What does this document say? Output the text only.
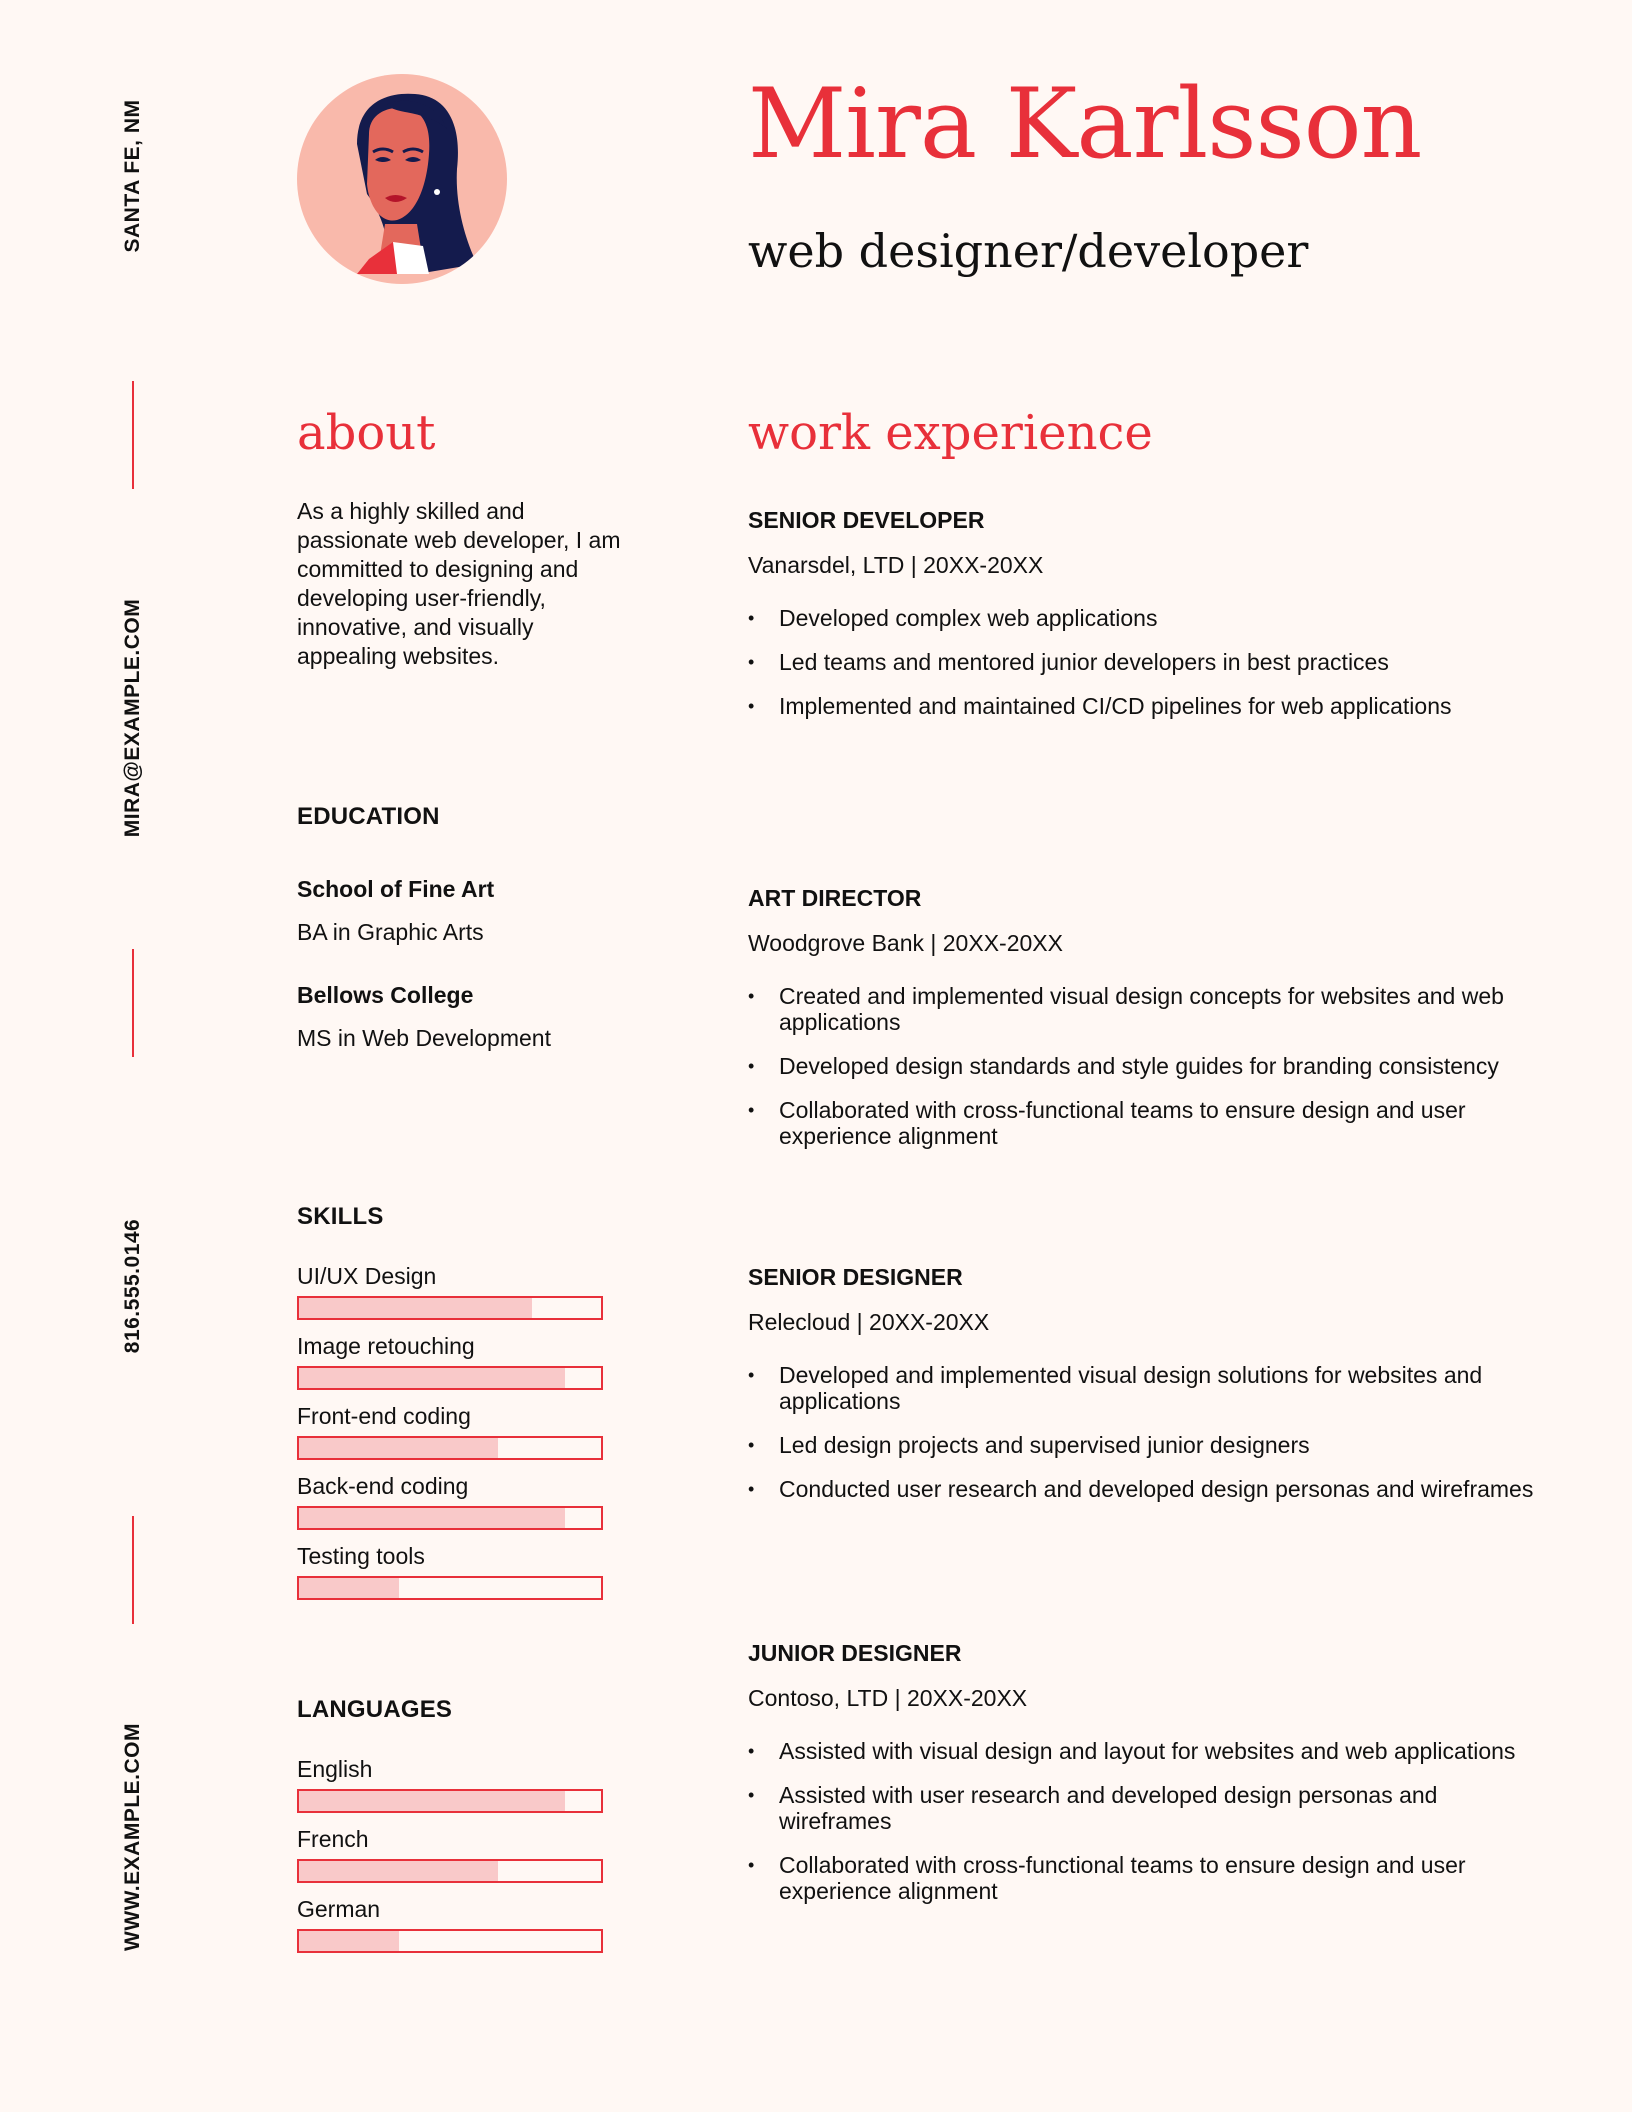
SANTA FE, NM
MIRA@EXAMPLE.COM
816.555.0146
WWW.EXAMPLE.COM
Mira Karlsson
web designer/developer
about

As a highly skilled and passionate web developer, I am committed to designing and developing user-friendly, innovative, and visually appealing websites.

EDUCATION

School of Fine Art

BA in Graphic Arts

Bellows College

MS in Web Development

SKILLS

UI/UX Design

Image retouching

Front-end coding

Back-end coding

Testing tools

LANGUAGES

English

French

German

work experience

SENIOR DEVELOPER

Vanarsdel, LTD | 20XX-20XX

• Developed complex web applications
• Led teams and mentored junior developers in best practices
• Implemented and maintained CI/CD pipelines for web applications

ART DIRECTOR

Woodgrove Bank | 20XX-20XX

• Created and implemented visual design concepts for websites and web applications
• Developed design standards and style guides for branding consistency
• Collaborated with cross-functional teams to ensure design and user experience alignment

SENIOR DESIGNER

Relecloud | 20XX-20XX

• Developed and implemented visual design solutions for websites and applications
• Led design projects and supervised junior designers
• Conducted user research and developed design personas and wireframes

JUNIOR DESIGNER

Contoso, LTD | 20XX-20XX

• Assisted with visual design and layout for websites and web applications
• Assisted with user research and developed design personas and wireframes
• Collaborated with cross-functional teams to ensure design and user experience alignment
